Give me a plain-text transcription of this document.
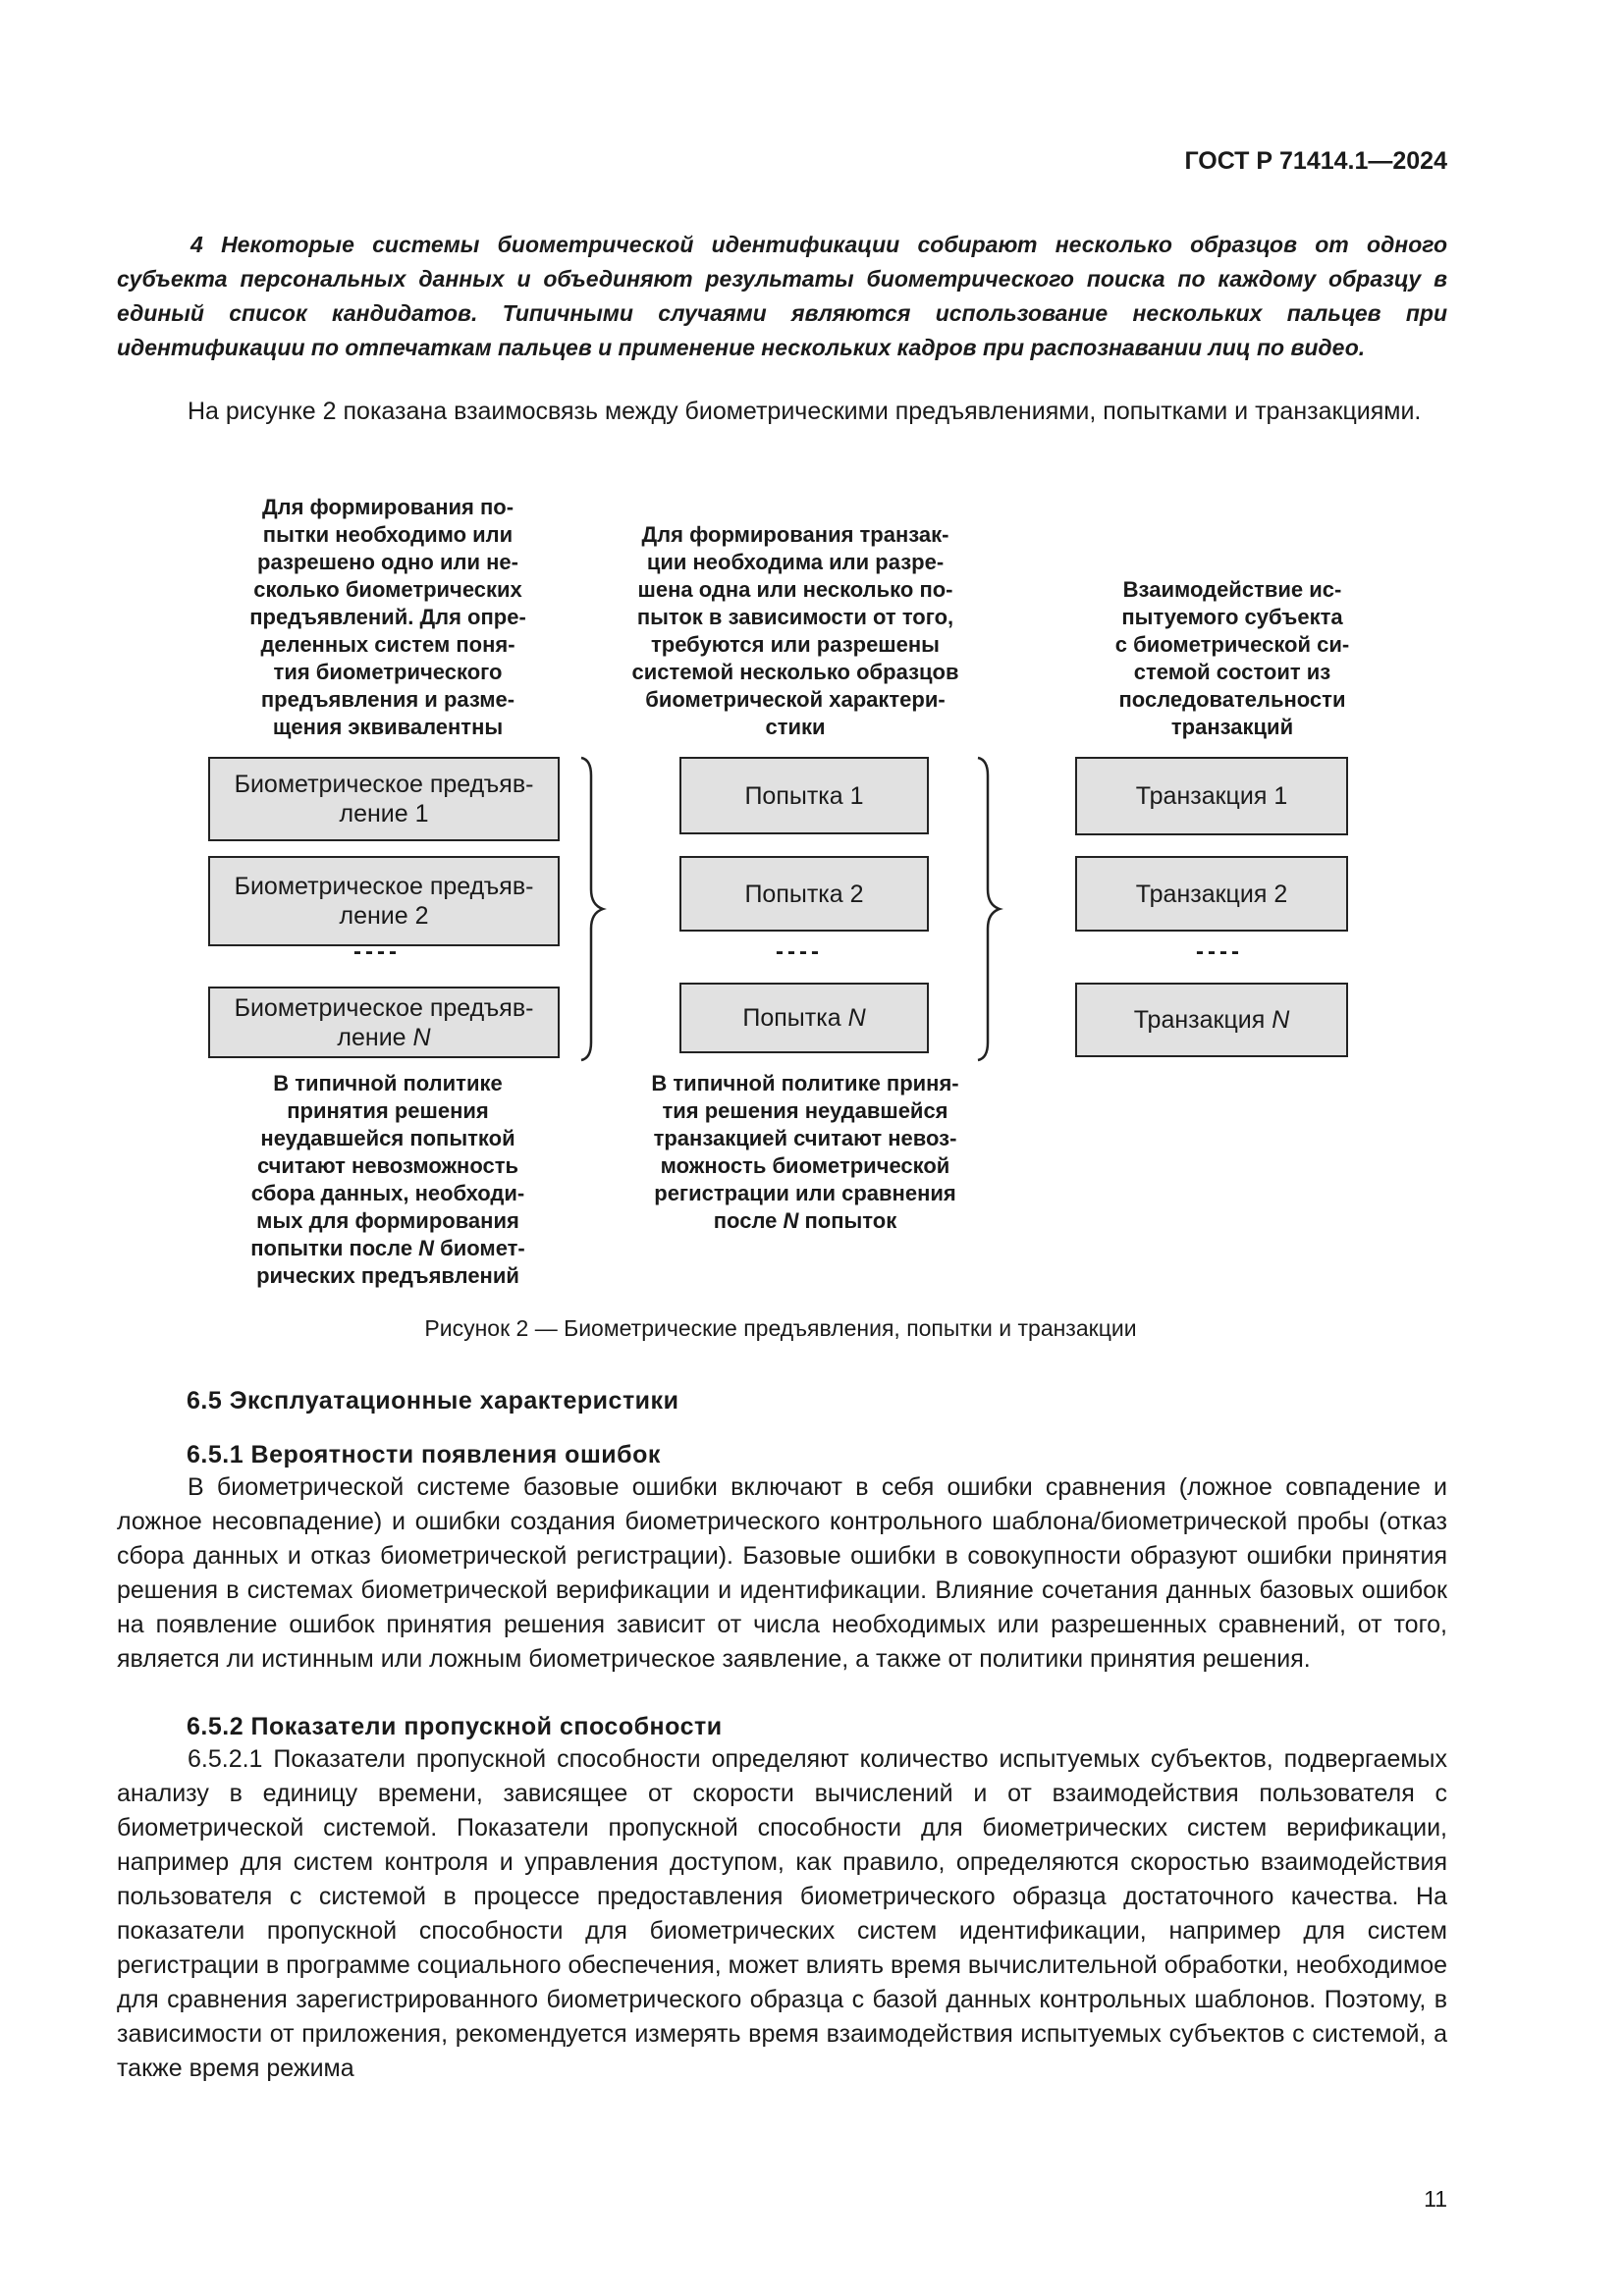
ГОСТ Р 71414.1—2024
4 Некоторые системы биометрической идентификации собирают несколько образцов от одного субъекта персональных данных и объединяют результаты биометрического поиска по каждому образцу в единый список кандидатов. Типичными случаями являются использование нескольких пальцев при идентификации по отпечаткам пальцев и применение нескольких кадров при распознавании лиц по видео.
На рисунке 2 показана взаимосвязь между биометрическими предъявлениями, попытками и транзакциями.
Для формирования по-
пытки необходимо или
разрешено одно или не-
сколько биометрических
предъявлений. Для опре-
деленных систем поня-
тия биометрического
предъявления и разме-
щения эквивалентны
Для формирования транзак-
ции необходима или разре-
шена одна или несколько по-
пыток в зависимости от того,
требуются или разрешены
системой несколько образцов
биометрической характери-
стики
Взаимодействие ис-
пытуемого субъекта
с биометрической си-
стемой состоит из
последовательности
транзакций
Биометрическое предъяв-
ление 1
Биометрическое предъяв-
ление 2
Биометрическое предъяв-
ление N
----
Попытка 1
Попытка 2
Попытка
N
----
Транзакция 1
Транзакция 2
Транзакция
N
----
В типичной политике
принятия решения
неудавшейся попыткой
считают невозможность
сбора данных, необходи-
мых для формирования
попытки после N биомет-
рических предъявлений
В типичной политике приня-
тия решения неудавшейся
транзакцией считают невоз-
можность биометрической
регистрации или сравнения
после N попыток
Рисунок 2 — Биометрические предъявления, попытки и транзакции
6.5 Эксплуатационные характеристики
6.5.1 Вероятности появления ошибок
В биометрической системе базовые ошибки включают в себя ошибки сравнения (ложное совпадение и ложное несовпадение) и ошибки создания биометрического контрольного шаблона/биометрической пробы (отказ сбора данных и отказ биометрической регистрации). Базовые ошибки в совокупности образуют ошибки принятия решения в системах биометрической верификации и идентификации. Влияние сочетания данных базовых ошибок на появление ошибок принятия решения зависит от числа необходимых или разрешенных сравнений, от того, является ли истинным или ложным биометрическое заявление, а также от политики принятия решения.
6.5.2 Показатели пропускной способности
6.5.2.1 Показатели пропускной способности определяют количество испытуемых субъектов, подвергаемых анализу в единицу времени, зависящее от скорости вычислений и от взаимодействия пользователя с биометрической системой. Показатели пропускной способности для биометрических систем верификации, например для систем контроля и управления доступом, как правило, определяются скоростью взаимодействия пользователя с системой в процессе предоставления биометрического образца достаточного качества. На показатели пропускной способности для биометрических систем идентификации, например для систем регистрации в программе социального обеспечения, может влиять время вычислительной обработки, необходимое для сравнения зарегистрированного биометрического образца с базой данных контрольных шаблонов. Поэтому, в зависимости от приложения, рекомендуется измерять время взаимодействия испытуемых субъектов с системой, а также время режима
11
